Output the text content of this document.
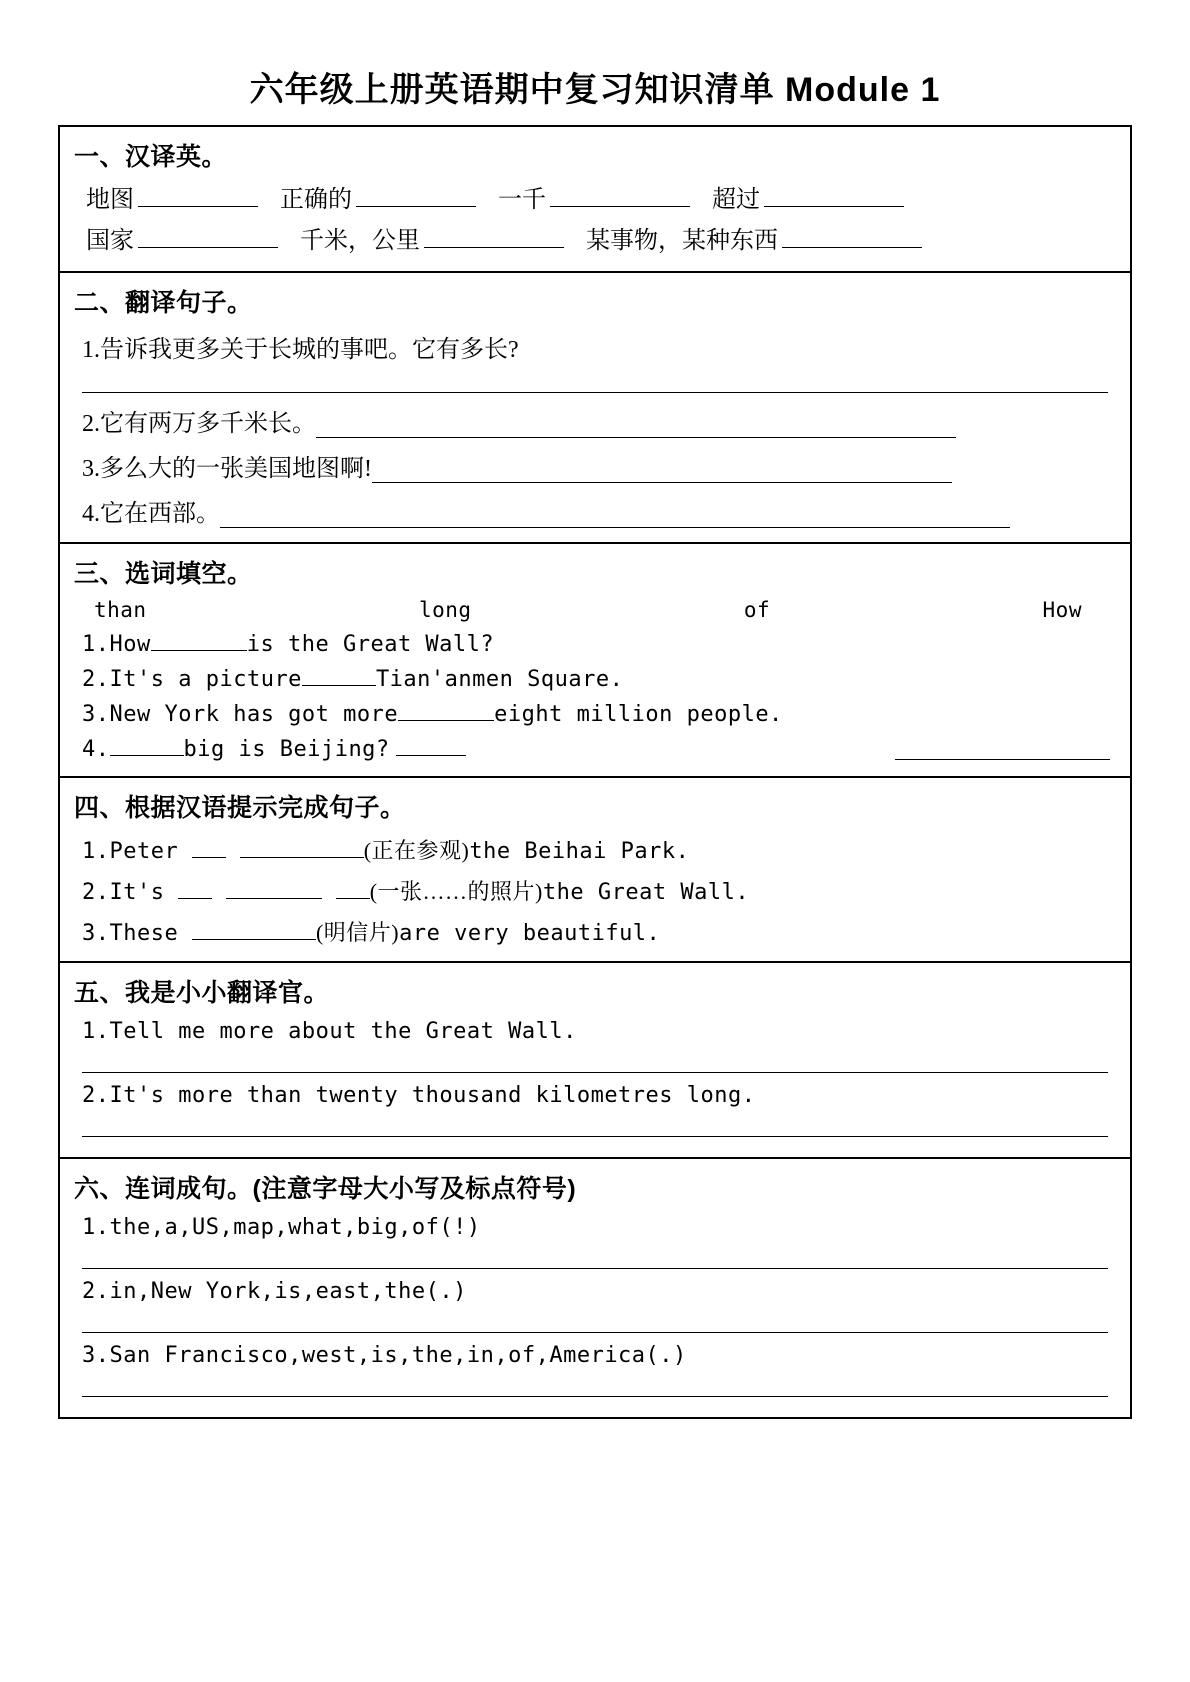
六年级上册英语期中复习知识清单 Module 1
一、汉译英。
地图	正确的	一千	超过
国家	千米，公里	某事物，某种东西
二、翻译句子。
1.告诉我更多关于长城的事吧。它有多长?
2.它有两万多千米长。
3.多么大的一张美国地图啊!
4.它在西部。
三、选词填空。
than	long	of	How
1.How	is the Great Wall?
2.It's a picture	Tian'anmen Square.
3.New York has got more	eight million people.
4.	big is Beijing?
四、根据汉语提示完成句子。
1.Peter	(正在参观)the Beihai Park.
2.It's	(一张……的照片)the Great Wall.
3.These	(明信片)are very beautiful.
五、我是小小翻译官。
1.Tell me more about the Great Wall.
2.It's more than twenty thousand kilometres long.
六、连词成句。(注意字母大小写及标点符号)
1.the,a,US,map,what,big,of(!)
2.in,New York,is,east,the(.)
3.San Francisco,west,is,the,in,of,America(.)
